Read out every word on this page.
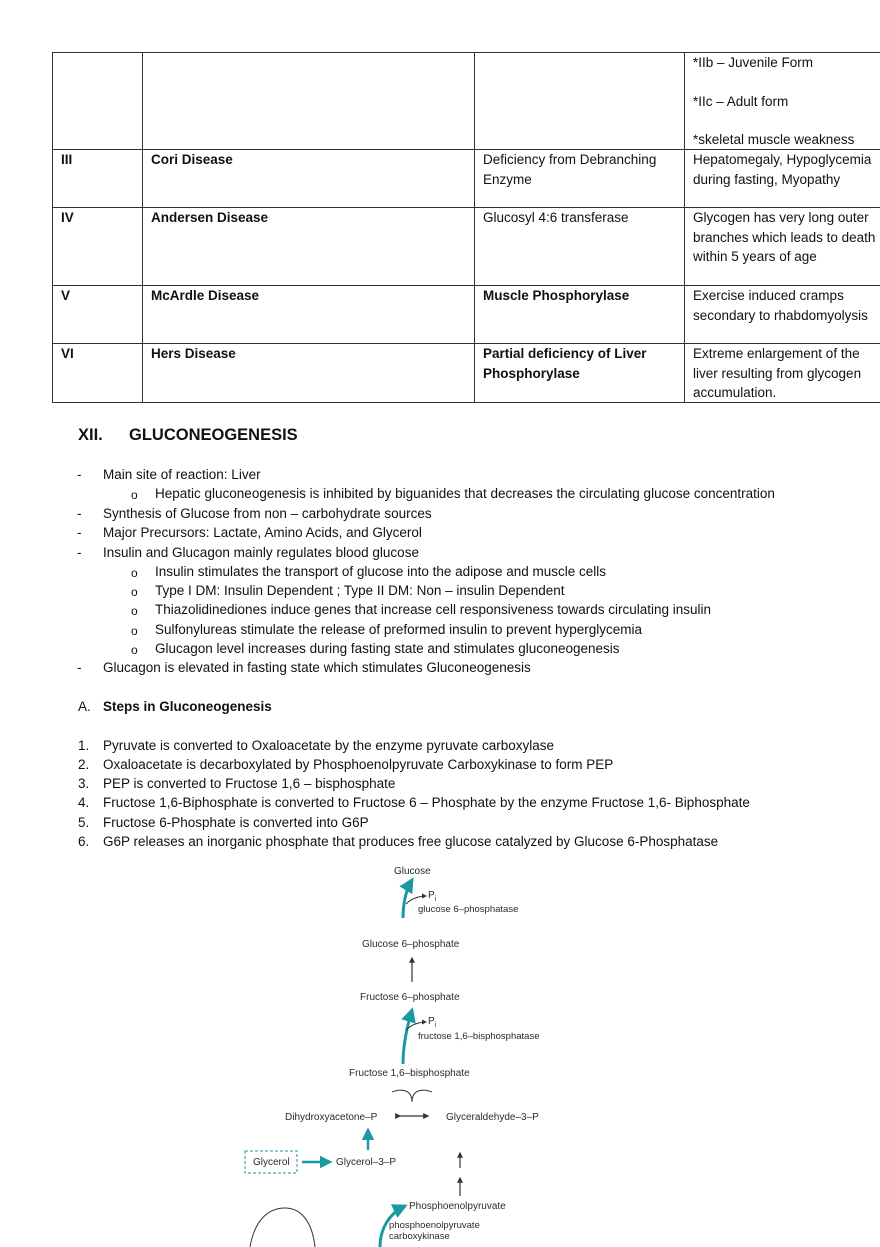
			*IIb – Juvenile Form
*IIc – Adult form
*skeletal muscle weakness

III	Cori Disease	Deficiency from Debranching Enzyme	Hepatomegaly, Hypoglycemia during fasting, Myopathy
IV	Andersen Disease	Glucosyl 4:6 transferase	Glycogen has very long outer branches which leads to death within 5 years of age
V	McArdle Disease	Muscle Phosphorylase	Exercise induced cramps secondary to rhabdomyolysis
VI	Hers Disease	Partial deficiency of Liver Phosphorylase	Extreme enlargement of the liver resulting from glycogen accumulation.
XII. GLUCONEOGENESIS
- Main site of reaction: Liver
o Hepatic gluconeogenesis is inhibited by biguanides that decreases the circulating glucose concentration
- Synthesis of Glucose from non – carbohydrate sources
- Major Precursors: Lactate, Amino Acids, and Glycerol
- Insulin and Glucagon mainly regulates blood glucose
o Insulin stimulates the transport of glucose into the adipose and muscle cells
o Type I DM: Insulin Dependent ; Type II DM: Non – insulin Dependent
o Thiazolidinediones induce genes that increase cell responsiveness towards circulating insulin
o Sulfonylureas stimulate the release of preformed insulin to prevent hyperglycemia
o Glucagon level increases during fasting state and stimulates gluconeogenesis
- Glucagon is elevated in fasting state which stimulates Gluconeogenesis
A. Steps in Gluconeogenesis
1. Pyruvate is converted to Oxaloacetate by the enzyme pyruvate carboxylase
2. Oxaloacetate is decarboxylated by Phosphoenolpyruvate Carboxykinase to form PEP
3. PEP is converted to Fructose 1,6 – bisphosphate
4. Fructose 1,6-Biphosphate is converted to Fructose 6 – Phosphate by the enzyme Fructose 1,6- Biphosphate
5. Fructose 6-Phosphate is converted into G6P
6. G6P releases an inorganic phosphate that produces free glucose catalyzed by Glucose 6-Phosphatase
Glucose
$P_i$
glucose 6–phosphatase
Glucose 6–phosphate
Fructose 6–phosphate
$P_i$
fructose 1,6–bisphosphatase
Fructose 1,6–bisphosphate
Dihydroxyacetone–P	Glyceraldehyde–3–P
Glycerol	Glycerol–3–P
Phosphoenolpyruvate
phosphoenolpyruvate
carboxykinase
